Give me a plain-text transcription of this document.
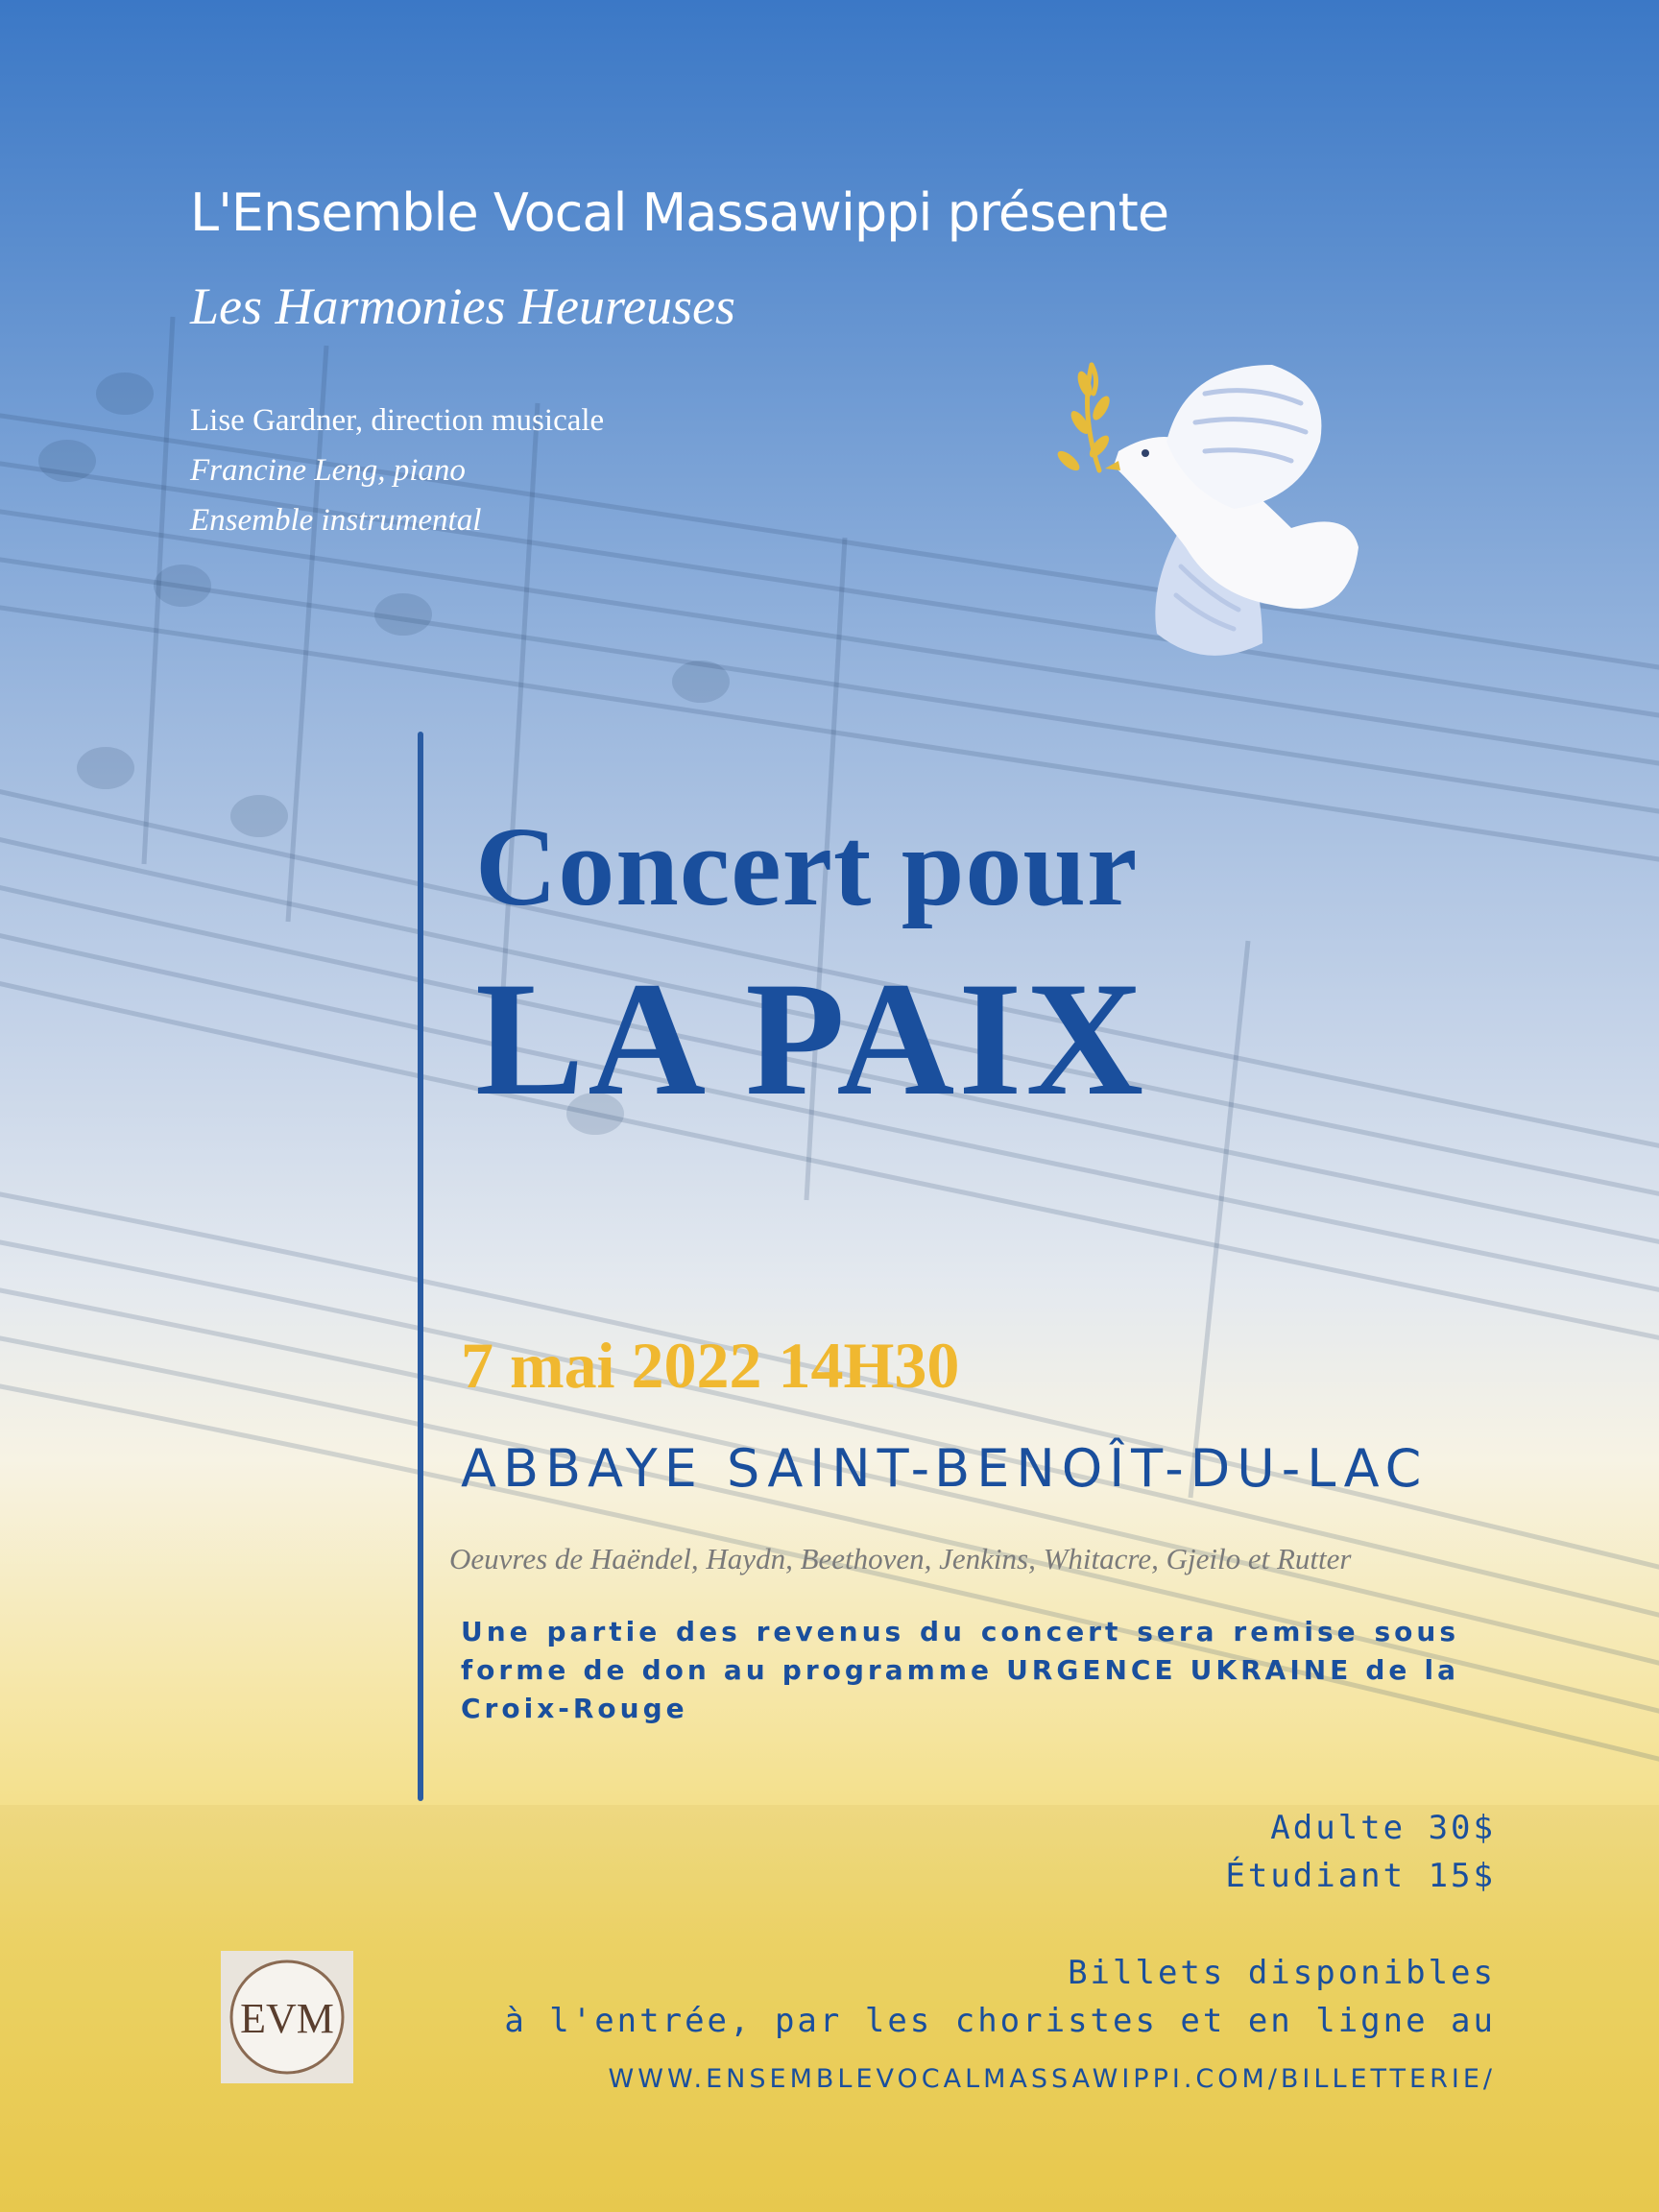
L'Ensemble Vocal Massawippi présente

Les Harmonies Heureuses

Lise Gardner, direction musicale

Francine Leng, piano

Ensemble instrumental

Concert pour

LA PAIX

7 mai 2022 14H30

ABBAYE SAINT-BENOÎT-DU-LAC

Oeuvres de Haëndel, Haydn, Beethoven, Jenkins, Whitacre, Gjeilo et Rutter

Une partie des revenus du concert sera remise sous forme de don au programme URGENCE UKRAINE de la Croix-Rouge

Adulte 30$

Étudiant 15$

EVM

Billets disponibles

à l'entrée, par les choristes et en ligne au

WWW.ENSEMBLEVOCALMASSAWIPPI.COM/BILLETTERIE/
